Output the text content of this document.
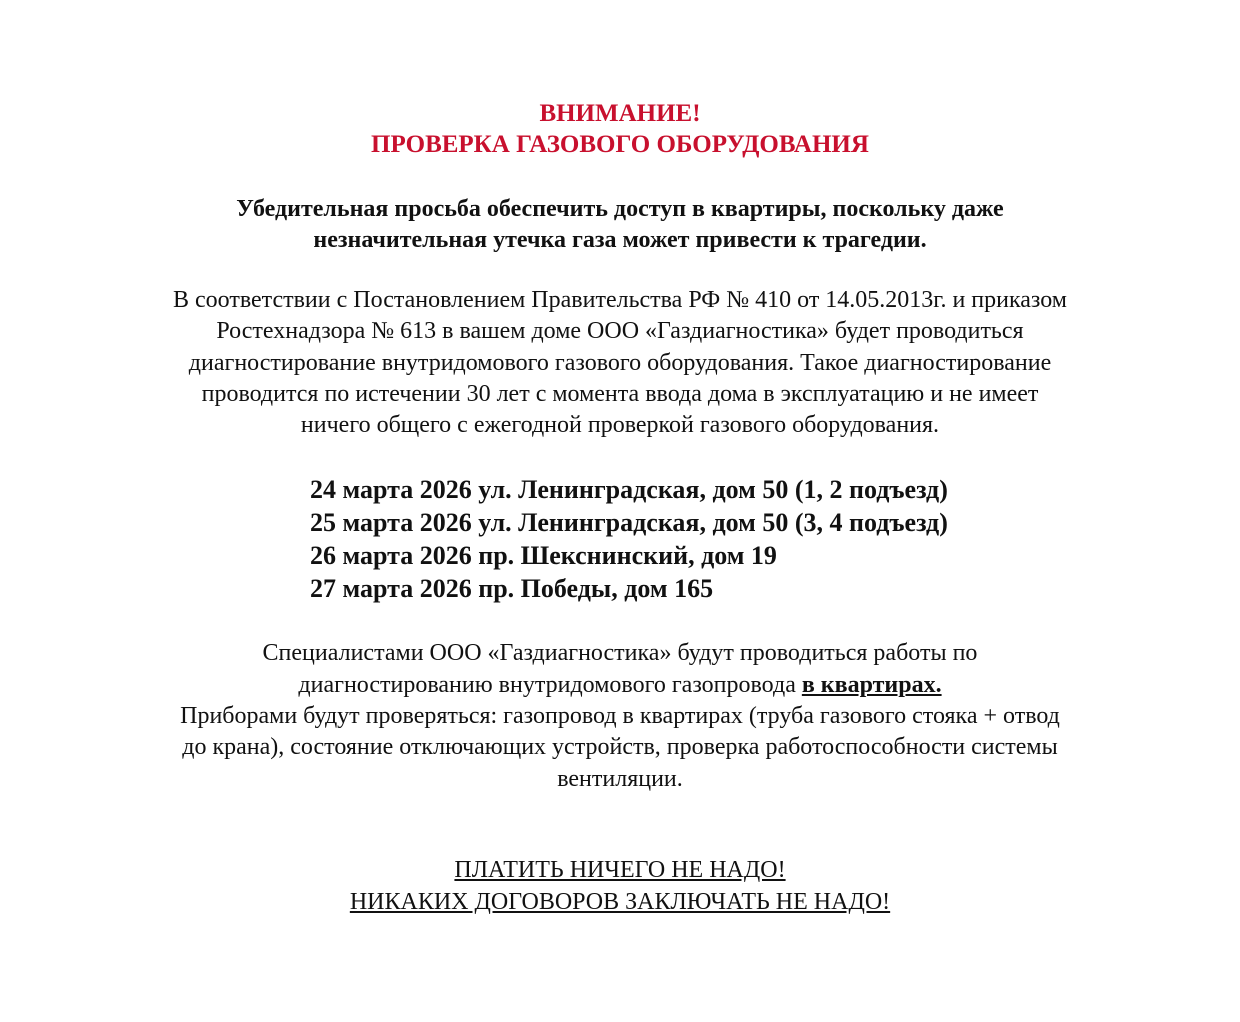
ВНИМАНИЕ!
ПРОВЕРКА ГАЗОВОГО ОБОРУДОВАНИЯ
Убедительная просьба обеспечить доступ в квартиры, поскольку даже
незначительная утечка газа может привести к трагедии.
В соответствии с Постановлением Правительства РФ № 410 от 14.05.2013г. и приказом
Ростехнадзора № 613 в вашем доме ООО «Газдиагностика» будет проводиться
диагностирование внутридомового газового оборудования. Такое диагностирование
проводится по истечении 30 лет с момента ввода дома в эксплуатацию и не имеет
ничего общего с ежегодной проверкой газового оборудования.
24 марта 2026 ул. Ленинградская, дом 50 (1, 2 подъезд)
25 марта 2026 ул. Ленинградская, дом 50 (3, 4 подъезд)
26 марта 2026 пр. Шекснинский, дом 19
27 марта 2026 пр. Победы, дом 165
Специалистами ООО «Газдиагностика» будут проводиться работы по
диагностированию внутридомового газопровода в квартирах.
Приборами будут проверяться: газопровод в квартирах (труба газового стояка + отвод
до крана), состояние отключающих устройств, проверка работоспособности системы
вентиляции.
ПЛАТИТЬ НИЧЕГО НЕ НАДО!
НИКАКИХ ДОГОВОРОВ ЗАКЛЮЧАТЬ НЕ НАДО!
